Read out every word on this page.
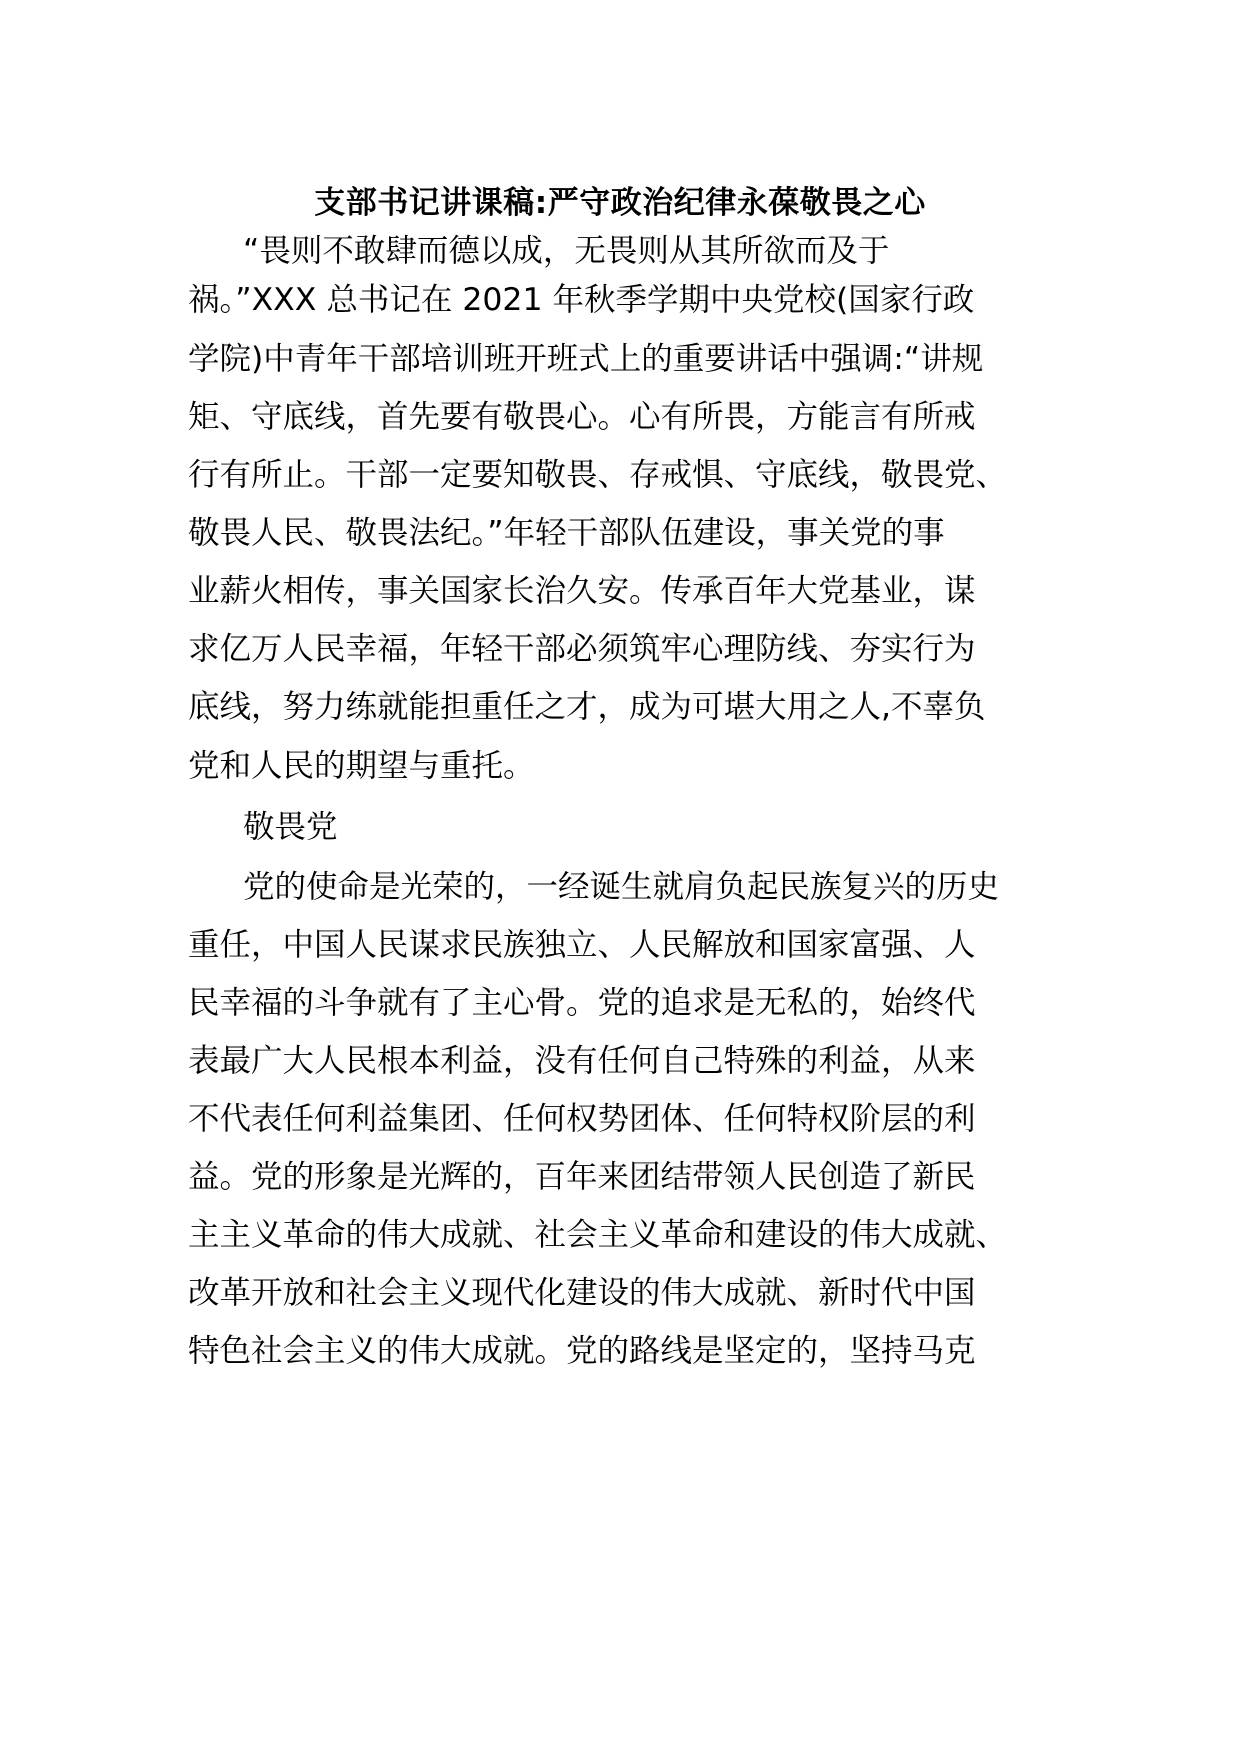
支部书记讲课稿:严守政治纪律永葆敬畏之心
“畏则不敢肆而德以成，无畏则从其所欲而及于
祸。”XXX 总书记在 2021 年秋季学期中央党校(国家行政
学院)中青年干部培训班开班式上的重要讲话中强调:“讲规
矩、守底线，首先要有敬畏心。心有所畏，方能言有所戒
行有所止。干部一定要知敬畏、存戒惧、守底线，敬畏党、
敬畏人民、敬畏法纪。”年轻干部队伍建设，事关党的事
业薪火相传，事关国家长治久安。传承百年大党基业，谋
求亿万人民幸福，年轻干部必须筑牢心理防线、夯实行为
底线，努力练就能担重任之才，成为可堪大用之人,不辜负
党和人民的期望与重托。
敬畏党
党的使命是光荣的，一经诞生就肩负起民族复兴的历史
重任，中国人民谋求民族独立、人民解放和国家富强、人
民幸福的斗争就有了主心骨。党的追求是无私的，始终代
表最广大人民根本利益，没有任何自己特殊的利益，从来
不代表任何利益集团、任何权势团体、任何特权阶层的利
益。党的形象是光辉的，百年来团结带领人民创造了新民
主主义革命的伟大成就、社会主义革命和建设的伟大成就、
改革开放和社会主义现代化建设的伟大成就、新时代中国
特色社会主义的伟大成就。党的路线是坚定的，坚持马克
